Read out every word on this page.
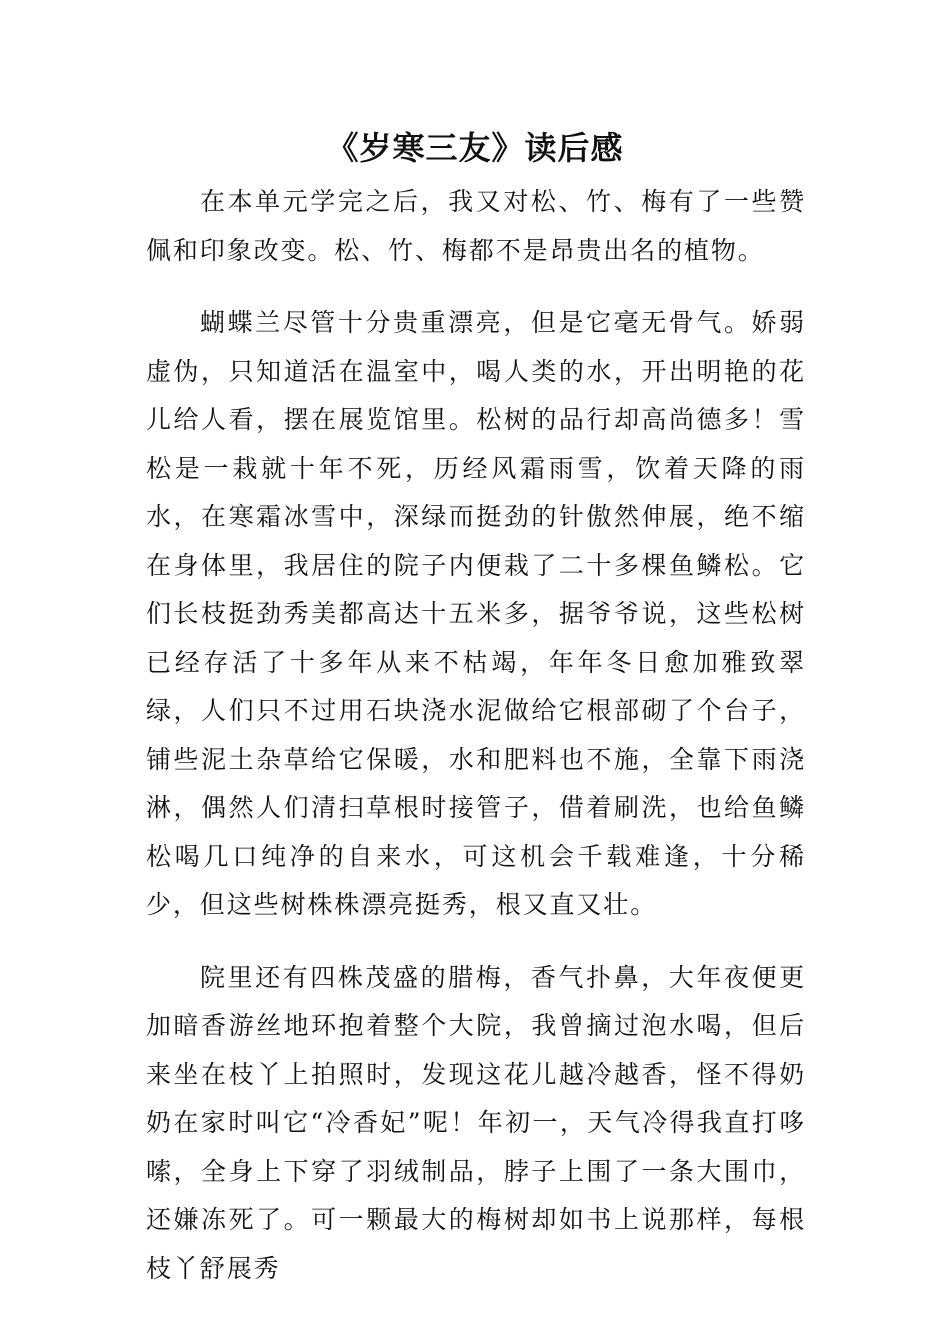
《岁寒三友》读后感

在本单元学完之后，我又对松、竹、梅有了一些赞佩和印象改变。松、竹、梅都不是昂贵出名的植物。

蝴蝶兰尽管十分贵重漂亮，但是它毫无骨气。娇弱虚伪，只知道活在温室中，喝人类的水，开出明艳的花儿给人看，摆在展览馆里。松树的品行却高尚德多！雪松是一栽就十年不死，历经风霜雨雪，饮着天降的雨水，在寒霜冰雪中，深绿而挺劲的针傲然伸展，绝不缩在身体里，我居住的院子内便栽了二十多棵鱼鳞松。它们长枝挺劲秀美都高达十五米多，据爷爷说，这些松树已经存活了十多年从来不枯竭，年年冬日愈加雅致翠绿，人们只不过用石块浇水泥做给它根部砌了个台子，铺些泥土杂草给它保暖，水和肥料也不施，全靠下雨浇淋，偶然人们清扫草根时接管子，借着刷洗，也给鱼鳞松喝几口纯净的自来水，可这机会千载难逢，十分稀少，但这些树株株漂亮挺秀，根又直又壮。

院里还有四株茂盛的腊梅，香气扑鼻，大年夜便更加暗香游丝地环抱着整个大院，我曾摘过泡水喝，但后来坐在枝丫上拍照时，发现这花儿越冷越香，怪不得奶奶在家时叫它“冷香妃”呢！年初一，天气冷得我直打哆嗦，全身上下穿了羽绒制品，脖子上围了一条大围巾，还嫌冻死了。可一颗最大的梅树却如书上说那样，每根枝丫舒展秀
